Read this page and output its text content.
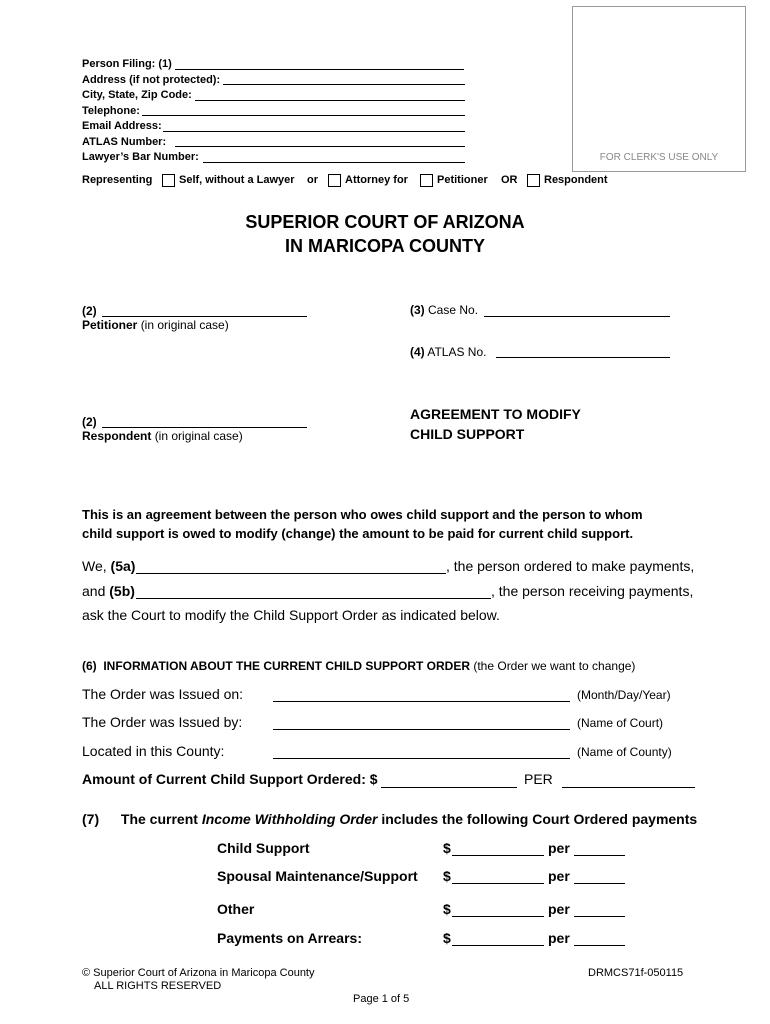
Person Filing: (1)
Address (if not protected):
City, State, Zip Code:
Telephone:
Email Address:
ATLAS Number:
Lawyer’s Bar Number:	FOR CLERK'S USE ONLY
Representing Self, without a Lawyer or Attorney for	Petitioner OR Respondent
SUPERIOR COURT OF ARIZONA
IN MARICOPA COUNTY
(2)
Petitioner (in original case)
(2)
Respondent (in original case)
(3) Case No.
(4) ATLAS No.
AGREEMENT TO MODIFY
CHILD SUPPORT
This is an agreement between the person who owes child support and the person to whom
child support is owed to modify (change) the amount to be paid for current child support.
We, (5a)	, the person ordered to make payments,
and (5b)	, the person receiving payments,
ask the Court to modify the Child Support Order as indicated below.
(6) INFORMATION ABOUT THE CURRENT CHILD SUPPORT ORDER (the Order we want to change)
The Order was Issued on:	(Month/Day/Year)
The Order was Issued by:	(Name of Court)
Located in this County:	(Name of County)
Amount of Current Child Support Ordered: $	PER
(7) The current Income Withholding Order includes the following Court Ordered payments
Child Support	$	per
Spousal Maintenance/Support $	per
Other	$	per
Payments on Arrears:	$	per
© Superior Court of Arizona in Maricopa County
ALL RIGHTS RESERVED
DRMCS71f-050115
Page 1 of 5
